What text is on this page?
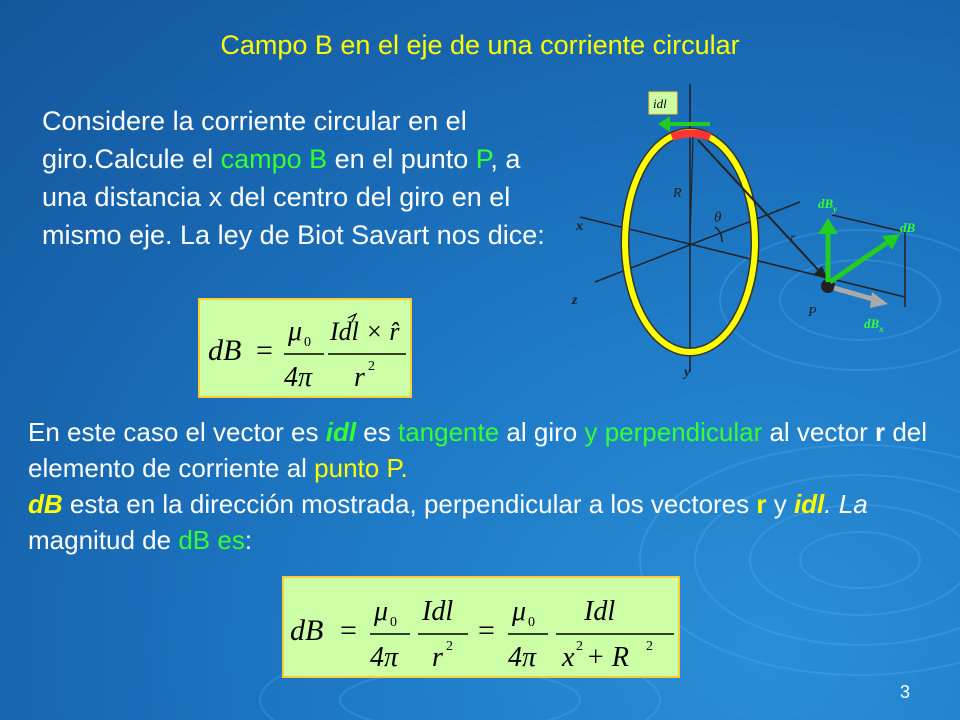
Campo B en el eje de una corriente circular
Considere la corriente circular en el giro.Calcule el campo B en el punto P, a una distancia x del centro del giro en el mismo eje. La ley de Biot Savart nos dice:
dB =
μ 0
4π
Idl × r̂
r 2
idl
R
r
θ
x
z
y
P
$dB_y$
dB
$dB_x$
En este caso el vector es idl es tangente al giro y perpendicular al vector r del elemento de corriente al punto P.
dB esta en la dirección mostrada, perpendicular a los vectores r y idl. La magnitud de dB es:
dB =
μ 0
4π
Idl
r 2 =
μ 0
4π
Idl
x 2 + R 2
3
